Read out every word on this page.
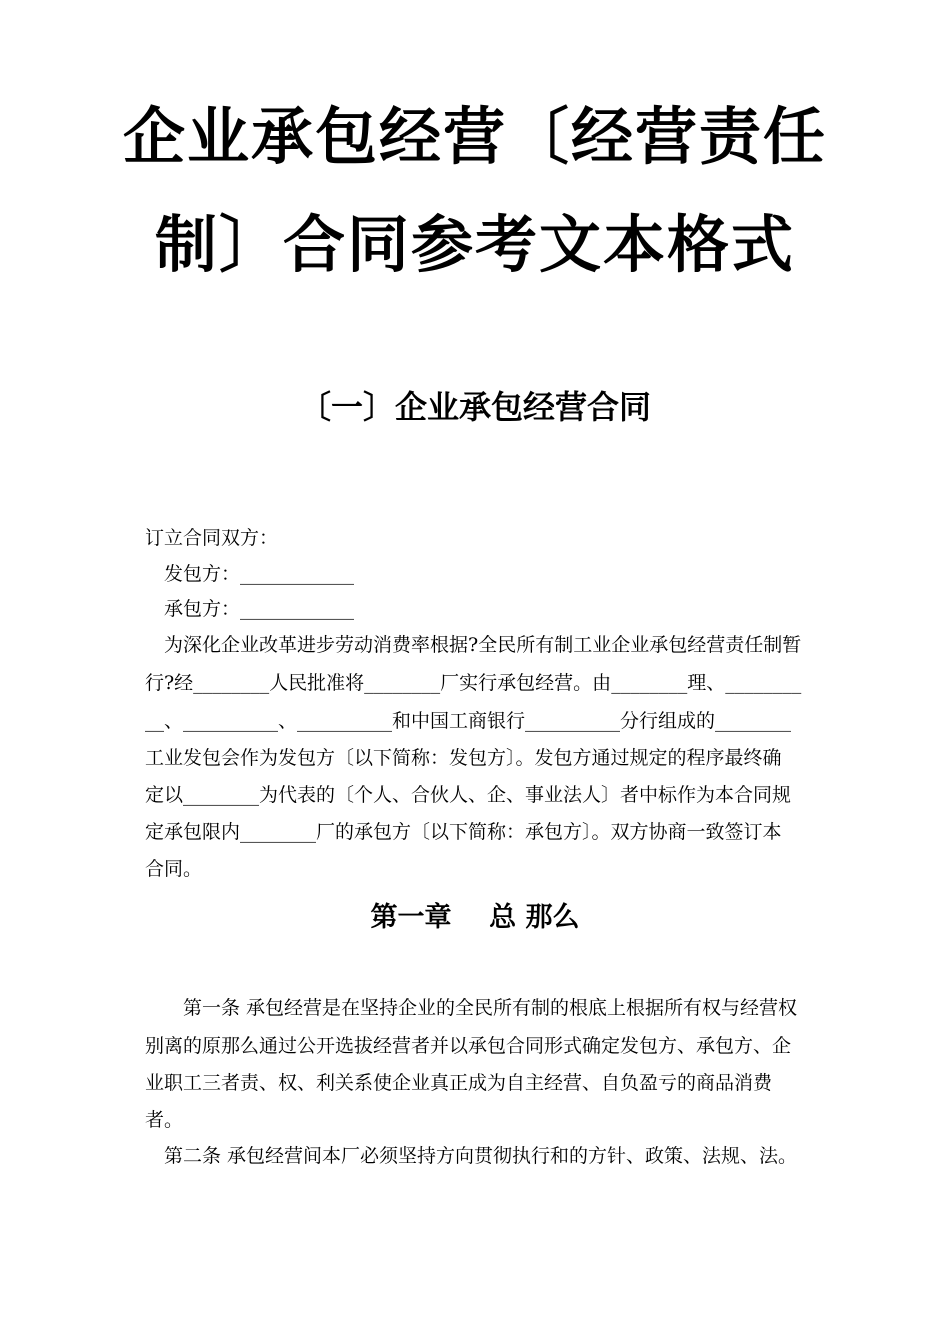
企业承包经营〔经营责任
制〕合同参考文本格式
〔一〕企业承包经营合同

订立合同双方：

发包方：____________

承包方：____________

为深化企业改革进步劳动消费率根据?全民所有制工业企业承包经营责任制暂

行?经________人民批准将________厂实行承包经营。由________理、________

__、__________、__________和中国工商银行__________分行组成的________

工业发包会作为发包方〔以下简称：发包方〕。发包方通过规定的程序最终确

定以________为代表的〔个人、合伙人、企、事业法人〕者中标作为本合同规

定承包限内________厂的承包方〔以下简称：承包方〕。双方协商一致签订本

合同。

第一章    总 那么

第一条 承包经营是在坚持企业的全民所有制的根底上根据所有权与经营权

别离的原那么通过公开选拔经营者并以承包合同形式确定发包方、承包方、企

业职工三者责、权、利关系使企业真正成为自主经营、自负盈亏的商品消费

者。

第二条 承包经营间本厂必须坚持方向贯彻执行和的方针、政策、法规、法。
